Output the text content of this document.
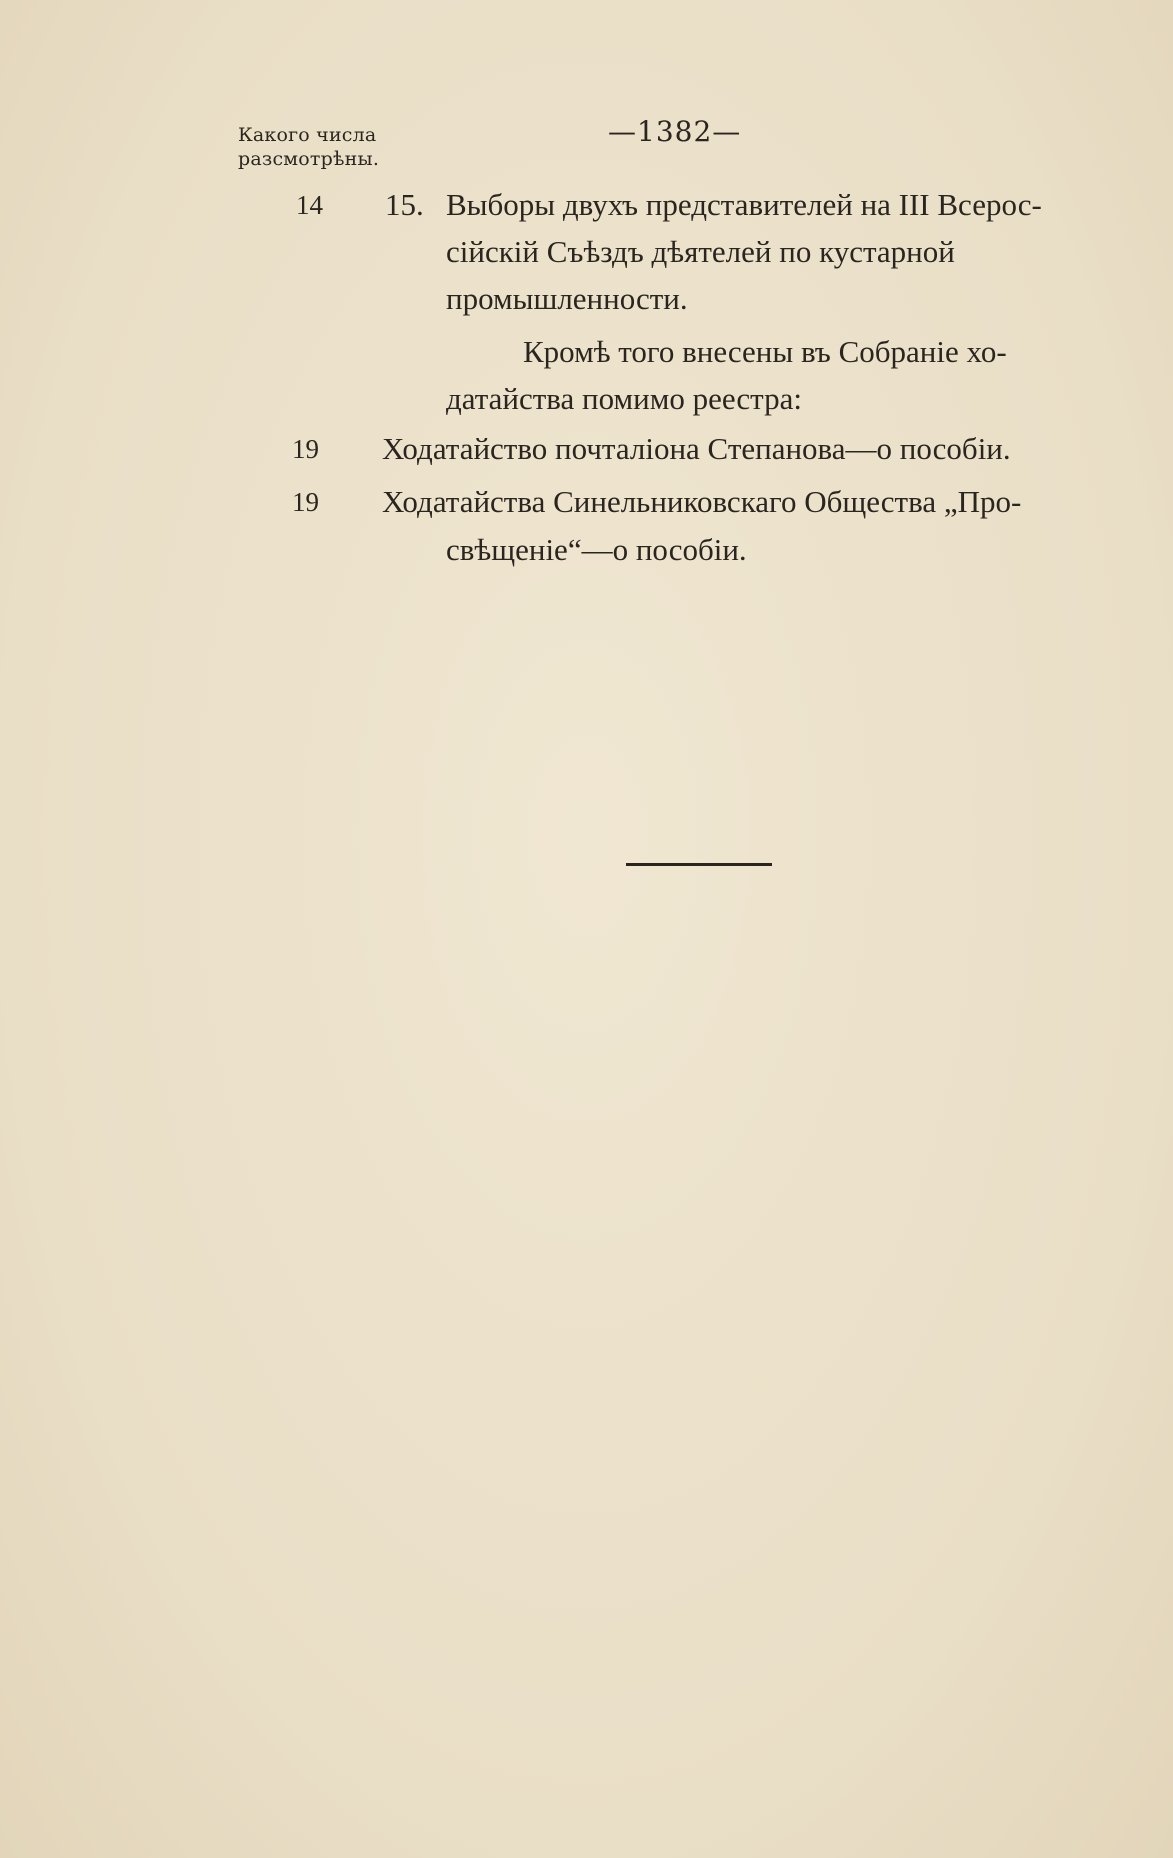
Какого числа
разсмотрѣны.
—1382—
14 15. Выборы двухъ представителей на III Всерос-
сійскій Съѣздъ дѣятелей по кустарной
промышленности.
Кромѣ того внесены въ Собраніе хо-
датайства помимо реестра:
19 Ходатайство почталіона Степанова—о пособіи.
19 Ходатайства Синельниковскаго Общества „Про-
свѣщеніе“—о пособіи.
